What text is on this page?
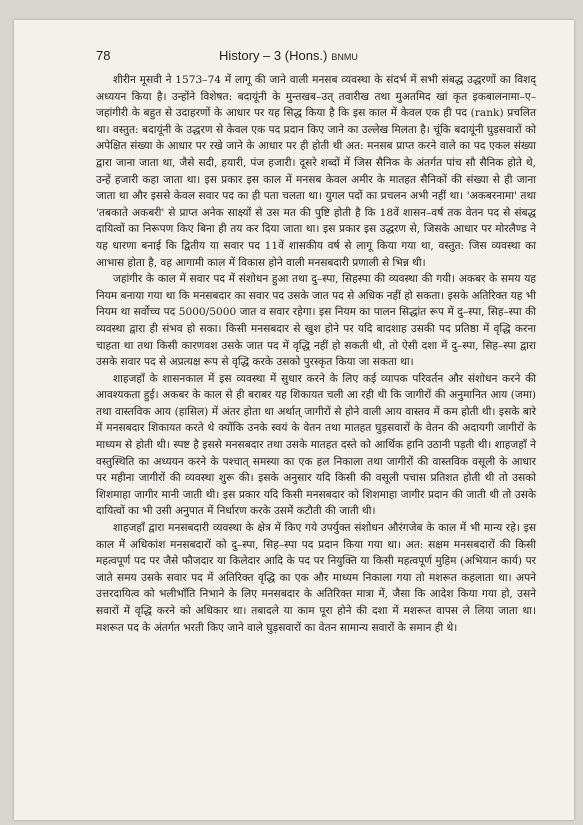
78	History – 3 (Hons.) BNMU

शीरीन मूसवी ने 1573–74 में लागू की जाने वाली मनसब व्यवस्था के संदर्भ में सभी संबद्ध उद्धरणों का विशद् अध्ययन किया है। उन्होंने विशेषत: बदायूंनी के मुन्तखब–उत् तवारीख तथा मुअतमिद खां कृत इकबालनामा–ए–जहांगीरी के बहुत से उदाहरणों के आधार पर यह सिद्ध किया है कि इस काल में केवल एक ही पद (rank) प्रचलित था। वस्तुत: बदायूंनी के उद्धरण से केवल एक पद प्रदान किए जाने का उल्लेख मिलता है। चूंकि बदायूंनी घुड़सवारों को अपेक्षित संख्या के आधार पर रखे जाने के आधार पर ही होती थी अत: मनसब प्राप्त करने वाले का पद एकल संख्या द्वारा जाना जाता था, जैसे सदी, हयारी, पंज हजारी। दूसरे शब्दों में जिस सैनिक के अंतर्गत पांच सौ सैनिक होते थे, उन्हें हजारी कहा जाता था। इस प्रकार इस काल में मनसब केवल अमीर के मातहत सैनिकों की संख्या से ही जाना जाता था और इससे केवल सवार पद का ही पता चलता था। युगल पदों का प्रचलन अभी नहीं था। 'अकबरनामा' तथा 'तबकाते अकबरी' से प्राप्त अनेक साक्ष्यों से उस मत की पुष्टि होती है कि 18वें शासन–वर्ष तक वेतन पद से संबद्ध दायित्वों का निरूपण किए बिना ही तय कर दिया जाता था। इस प्रकार इस उद्धरण से, जिसके आधार पर मोरलैण्ड ने यह धारणा बनाई कि द्वितीय या सवार पद 11वें शासकीय वर्ष से लागू किया गया था, वस्तुत: जिस व्यवस्था का आभास होता है, वह आगामी काल में विकास होने वाली मनसबदारी प्रणाली से भिन्न थी।

जहांगीर के काल में सवार पद में संशोधन हुआ तथा दु–स्पा, सिहस्पा की व्यवस्था की गयी। अकबर के समय यह नियम बनाया गया था कि मनसबदार का सवार पद उसके जात पद से अधिक नहीं हो सकता। इसके अतिरिक्त यह भी नियम था सर्वोच्च पद 5000/5000 जात व सवार रहेगा। इस नियम का पालन सिद्धांत रूप में दु–स्पा, सिह–स्पा की व्यवस्था द्वारा ही संभव हो सका। किसी मनसबदार से खुश होने पर यदि बादशाह उसकी पद प्रतिष्ठा में वृद्धि करना चाहता था तथा किसी कारणवश उसके जात पद में वृद्धि नहीं हो सकती थी, तो ऐसी दशा में दु–स्पा, सिह–स्पा द्वारा उसके सवार पद से अप्रत्यक्ष रूप से वृद्धि करके उसको पुरस्कृत किया जा सकता था।

शाहजहाँ के शासनकाल में इस व्यवस्था में सुधार करने के लिए कई व्यापक परिवर्तन और संशोधन करने की आवश्यकता हुई। अकबर के काल से ही बराबर यह शिकायत चली आ रही थी कि जागीरों की अनुमानित आय (जमा) तथा वास्तविक आय (हासिल) में अंतर होता था अर्थात् जागीरों से होने वाली आय वास्तव में कम होती थी। इसके बारे में मनसबदार शिकायत करते थे क्योंकि उनके स्वयं के वेतन तथा मातहत घुड़सवारों के वेतन की अदायगी जागीरों के माध्यम से होती थी। स्पष्ट है इससे मनसबदार तथा उसके मातहत दस्ते को आर्थिक हानि उठानी पड़ती थी। शाहजहाँ ने वस्तुस्थिति का अध्ययन करने के पश्चात् समस्या का एक हल निकाला तथा जागीरों की वास्तविक वसूली के आधार पर महीना जागीरों की व्यवस्था शुरू की। इसके अनुसार यदि किसी की वसूली पचास प्रतिशत होती थी तो उसको शिशमाहा जागीर मानी जाती थी। इस प्रकार यदि किसी मनसबदार को शिशमाहा जागीर प्रदान की जाती थी तो उसके दायित्वों का भी उसी अनुपात में निर्धारण करके उसमें कटौती की जाती थी।

शाहजहाँ द्वारा मनसबदारी व्यवस्था के क्षेत्र में किए गये उपर्युक्त संशोधन औरंगजेब के काल में भी मान्य रहे। इस काल में अधिकांश मनसबदारों को दु–स्पा, सिह–स्पा पद प्रदान किया गया था। अत: सक्षम मनसबदारों की किसी महत्वपूर्ण पद पर जैसे फौजदार या किलेदार आदि के पद पर नियुक्ति या किसी महत्वपूर्ण मुहिम (अभियान कार्य) पर जाते समय उसके सवार पद में अतिरिक्त वृद्धि का एक और माध्यम निकाला गया तो मशरूत कहलाता था। अपने उत्तरदायित्व को भलीभाँति निभाने के लिए मनसबदार के अतिरिक्त मात्रा में, जैसा कि आदेश किया गया हो, उसने सवारों में वृद्धि करने को अधिकार था। तबादले या काम पूरा होने की दशा में मशरूत वापस ले लिया जाता था। मशरूत पद के अंतर्गत भरती किए जाने वाले घुड़सवारों का वेतन सामान्य सवारों के समान ही थे।
